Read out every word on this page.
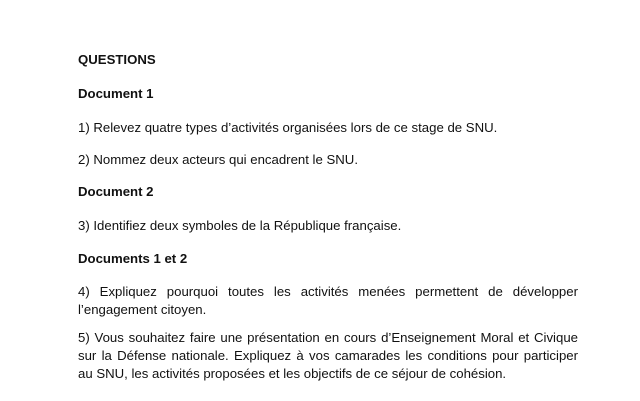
QUESTIONS

Document 1

1) Relevez quatre types d’activités organisées lors de ce stage de SNU.

2) Nommez deux acteurs qui encadrent le SNU.

Document 2

3) Identifiez deux symboles de la République française.

Documents 1 et 2

4) Expliquez pourquoi toutes les activités menées permettent de développer l’engagement citoyen.

5) Vous souhaitez faire une présentation en cours d’Enseignement Moral et Civique sur la Défense nationale. Expliquez à vos camarades les conditions pour participer au SNU, les activités proposées et les objectifs de ce séjour de cohésion.
